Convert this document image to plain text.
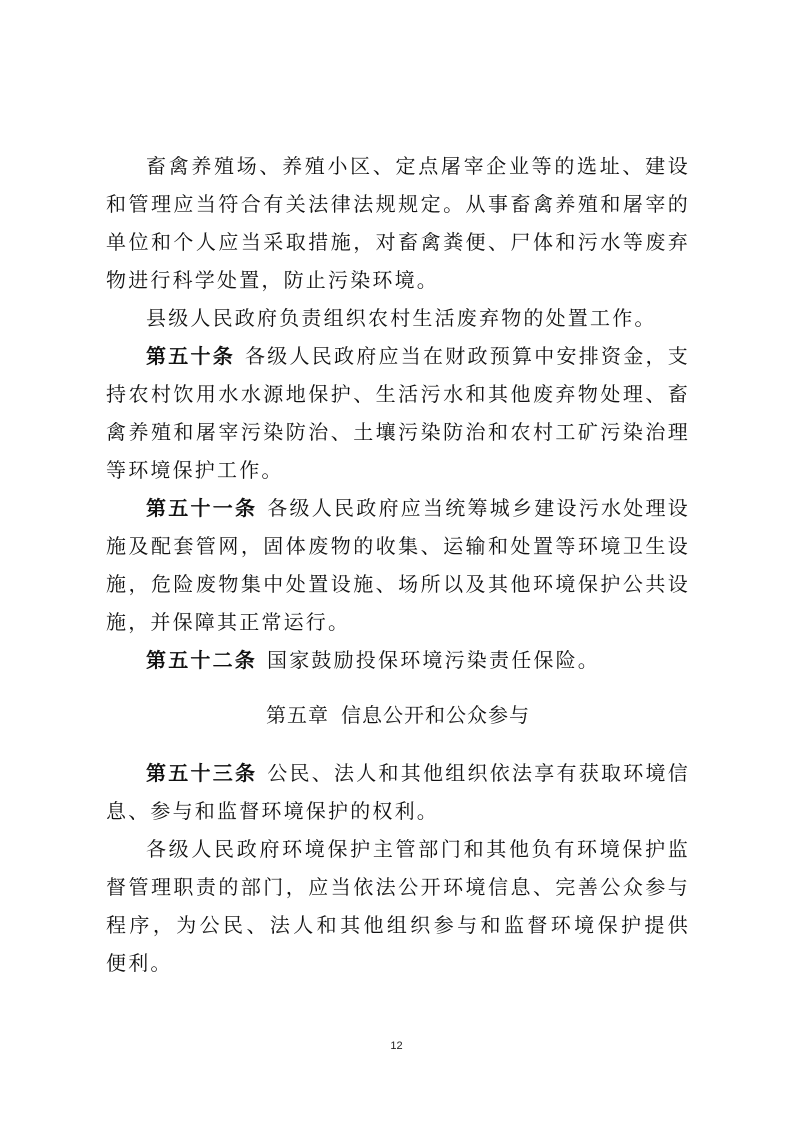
畜禽养殖场、养殖小区、定点屠宰企业等的选址、建设和管理应当符合有关法律法规规定。从事畜禽养殖和屠宰的单位和个人应当采取措施，对畜禽粪便、尸体和污水等废弃物进行科学处置，防止污染环境。

县级人民政府负责组织农村生活废弃物的处置工作。

第五十条 各级人民政府应当在财政预算中安排资金，支持农村饮用水水源地保护、生活污水和其他废弃物处理、畜禽养殖和屠宰污染防治、土壤污染防治和农村工矿污染治理等环境保护工作。

第五十一条 各级人民政府应当统筹城乡建设污水处理设施及配套管网，固体废物的收集、运输和处置等环境卫生设施，危险废物集中处置设施、场所以及其他环境保护公共设施，并保障其正常运行。

第五十二条 国家鼓励投保环境污染责任保险。

第五章 信息公开和公众参与

第五十三条 公民、法人和其他组织依法享有获取环境信息、参与和监督环境保护的权利。

各级人民政府环境保护主管部门和其他负有环境保护监督管理职责的部门，应当依法公开环境信息、完善公众参与程序，为公民、法人和其他组织参与和监督环境保护提供 便利。

12
